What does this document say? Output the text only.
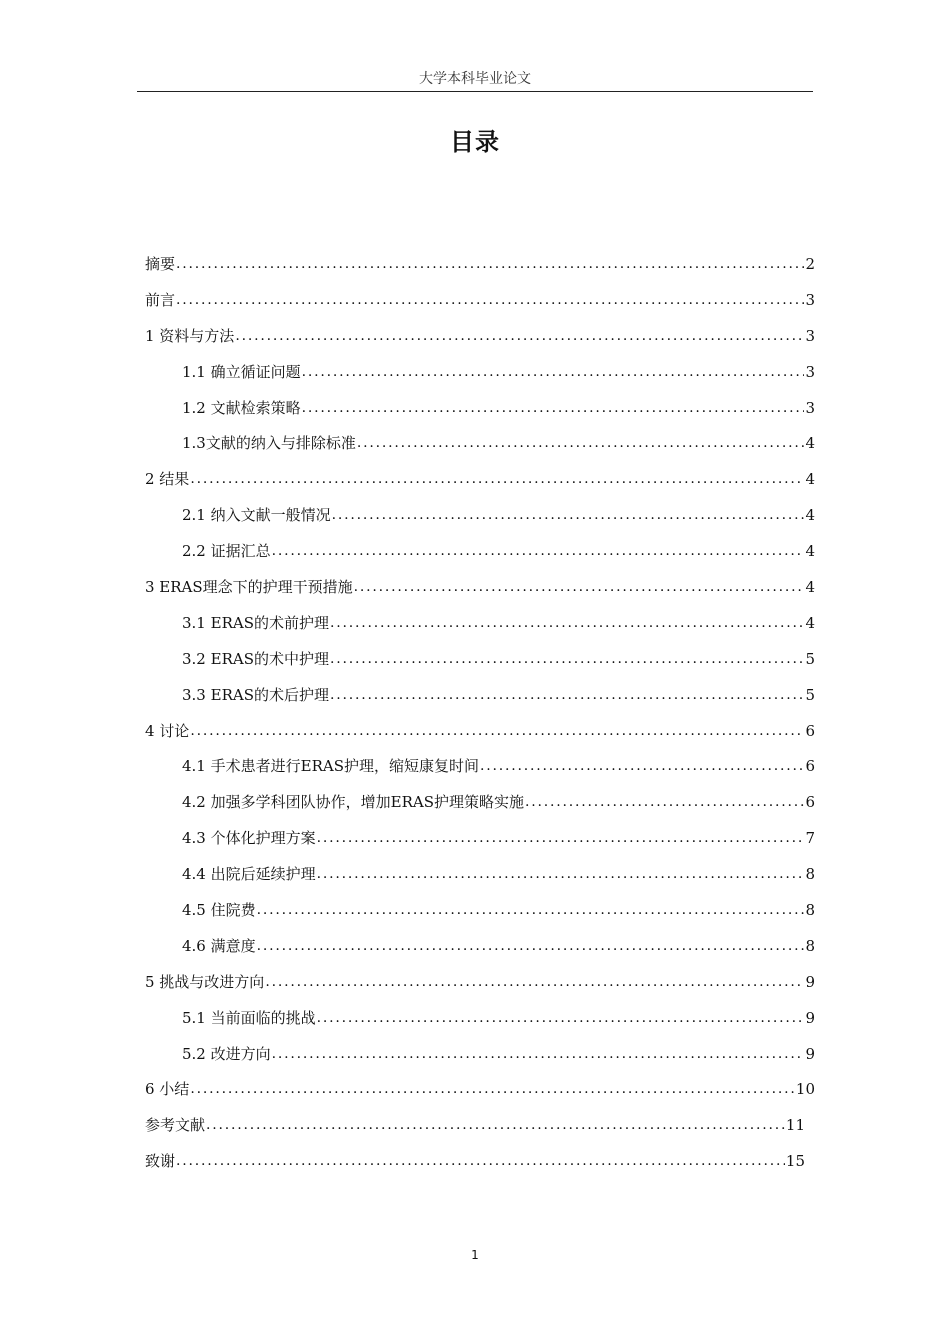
大学本科毕业论文
目录
摘要 .....	2
前言 .....	3
1 资料与方法 .....	3
1.1 确立循证问题 .....	3
1.2 文献检索策略 .....	3
1.3文献的纳入与排除标准 .....	4
2 结果 .....	4
2.1 纳入文献一般情况 .....	4
2.2 证据汇总 .....	4
3 ERAS理念下的护理干预措施 .....	4
3.1 ERAS的术前护理 .....	4
3.2 ERAS的术中护理 .....	5
3.3 ERAS的术后护理 .....	5
4 讨论 .....	6
4.1 手术患者进行ERAS护理，缩短康复时间 .....	6
4.2 加强多学科团队协作，增加ERAS护理策略实施 .....	6
4.3 个体化护理方案 .....	7
4.4 出院后延续护理 .....	8
4.5 住院费 .....	8
4.6 满意度 .....	8
5 挑战与改进方向 .....	9
5.1 当前面临的挑战 .....	9
5.2 改进方向 .....	9
6 小结 .....	10
参考文献 .....	11
致谢 .....	15
1
